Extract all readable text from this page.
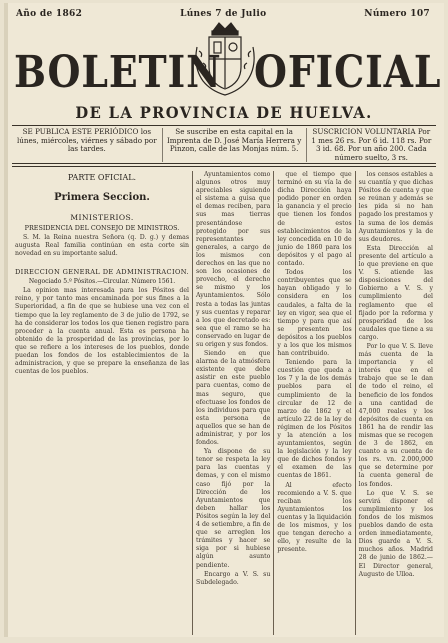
Año de 1862	Lúnes 7 de Julio	Número 107
BOLETIN OFICIAL
DE LA PROVINCIA DE HUELVA.
SE PUBLICA ESTE PERIÓDICO los lúnes, miércoles, viérnes y sábado por las tardes.
Se suscribe en esta capital en la Imprenta de D. José María Herrera y Pinzon, calle de las Monjas núm. 5.
SUSCRICION VOLUNTARIA Por 1 mes 26 rs. Por 6 id. 118 rs. Por 3 id. 68. Por un año 200. Cada número suelto, 3 rs.
PARTE OFICIAL.
Primera Seccion.
MINISTERIOS.
PRESIDENCIA DEL CONSEJO DE MINISTROS.

S. M. la Reina nuestra Señora (q. D. g.) y demas augusta Real familia continúan en esta corte sin novedad en su importante salud.

DIRECCION GENERAL DE ADMINISTRACION.
Negociado 5.º Pósitos.—Circular. Número 1561.

La opinion mas interesada para los Pósitos del reino, y por tanto mas encaminada por sus fines a la Superioridad, a fin de que se hubiese una vez con el tiempo que la ley reglamento de 3 de julio de 1792, se ha de considerar los todos los que tienen registro para proceder a la cuenta anual. Esta es persona ha obtenido de la prosperidad de las provincias, por lo que se refiere a los intereses de los pueblos, donde puedan los fondos de los establecimientos de la administracion, y que se prepare la enseñanza de las cuentas de los pueblos.

Ayuntamientos como algunos otros muy apreciables siguiendo el sistema a guisa que el demas reciben, para sus mas tierras presentándose protegido por sus representantes generales, a cargo de los mismos con derechos en las que no son los ocasiones de provecho, el derecho se mismo y los Ayuntamientos. Sólo resta a todas las juntas y sus cuentas y reparar a los que decretado es: sea que el ramo se ha conservado en lugar de su origen y sus fondos.

Siendo en que alarma de la atmósfera existente que debe asistir en este pueblo para cuentas, como de mas seguro, que efectuase los fondos de los individuos para que esta persona de aquellos que se han de administrar, y por los fondos.

Ya dispone de su tenor se respeta la ley para las cuentas y demas, y con el mismo caso fijó por la Dirección de los Ayuntamientos que deben hallar los Pósitos según la ley del 4 de setiembre, a fin de que se arreglen los trámites y hacer se siga por si hubiese algún asunto pendiente.

Encargo a V. S. su Subdelegado.

que el tiempo que terminó en su vía la de dicha Dirección haya podido poner en orden la ganancia y el precio que tienen los fondos de estos establecimientos de la ley concedida en 10 de junio de 1860 para los depósitos y el pago al contado.

Todos los contribuyentes que se hayan obligado y lo considera en los caudales, a falta de la ley en vigor, sea que el tiempo y para que así se presenten los depósitos a los pueblos y a los que los mismos han contribuido.

Teniendo para la cuestión que queda a los 7 y la de los demás pueblos para el cumplimiento de la circular de 12 de marzo de 1862 y el artículo 22 de la ley de régimen de los Pósitos y la atención a los ayuntamientos, según la legislación y la ley que de dichos fondos y el examen de las cuentas de 1861.

Al efecto recomiendo a V. S. que reciban los Ayuntamientos los cuentas y la liquidación de los mismos, y los que tengan derecho a ello, y resulte de la presente.

los censos estables a su cuantía y que dichas Pósitos de cuenta y que se reúnan y además se les pida si no han pagado los prestamos y la suma de los demás Ayuntamientos y la de sus deudores.

Esta Dirección al presente del artículo a lo que previene en que V. S. atiende las disposiciones del Gobierno a V. S. y cumplimiento del reglamento que el fijado por la reforma y prosperidad de los caudales que tiene a su cargo.

Por lo que V. S. lleve más cuenta de la importancia y el interés que en el trabajo que se le dan de todo el reino, el beneficio de los fondos a una cantidad de 47,000 reales y los depósitos de cuenta en 1861 ha de rendir las mismas que se recogen de 3 de 1862, en cuanto a su cuenta de los rs. vn. 2.000,000 que se determine por la cuenta general de los fondos.

Lo que V. S. se servirá disponer el cumplimiento y los fondos de los mismos pueblos dando de esta orden inmediatamente, Dios guarde a V. S. muchos años. Madrid 28 de junio de 1862.—El Director general, Augusto de Ulloa.
